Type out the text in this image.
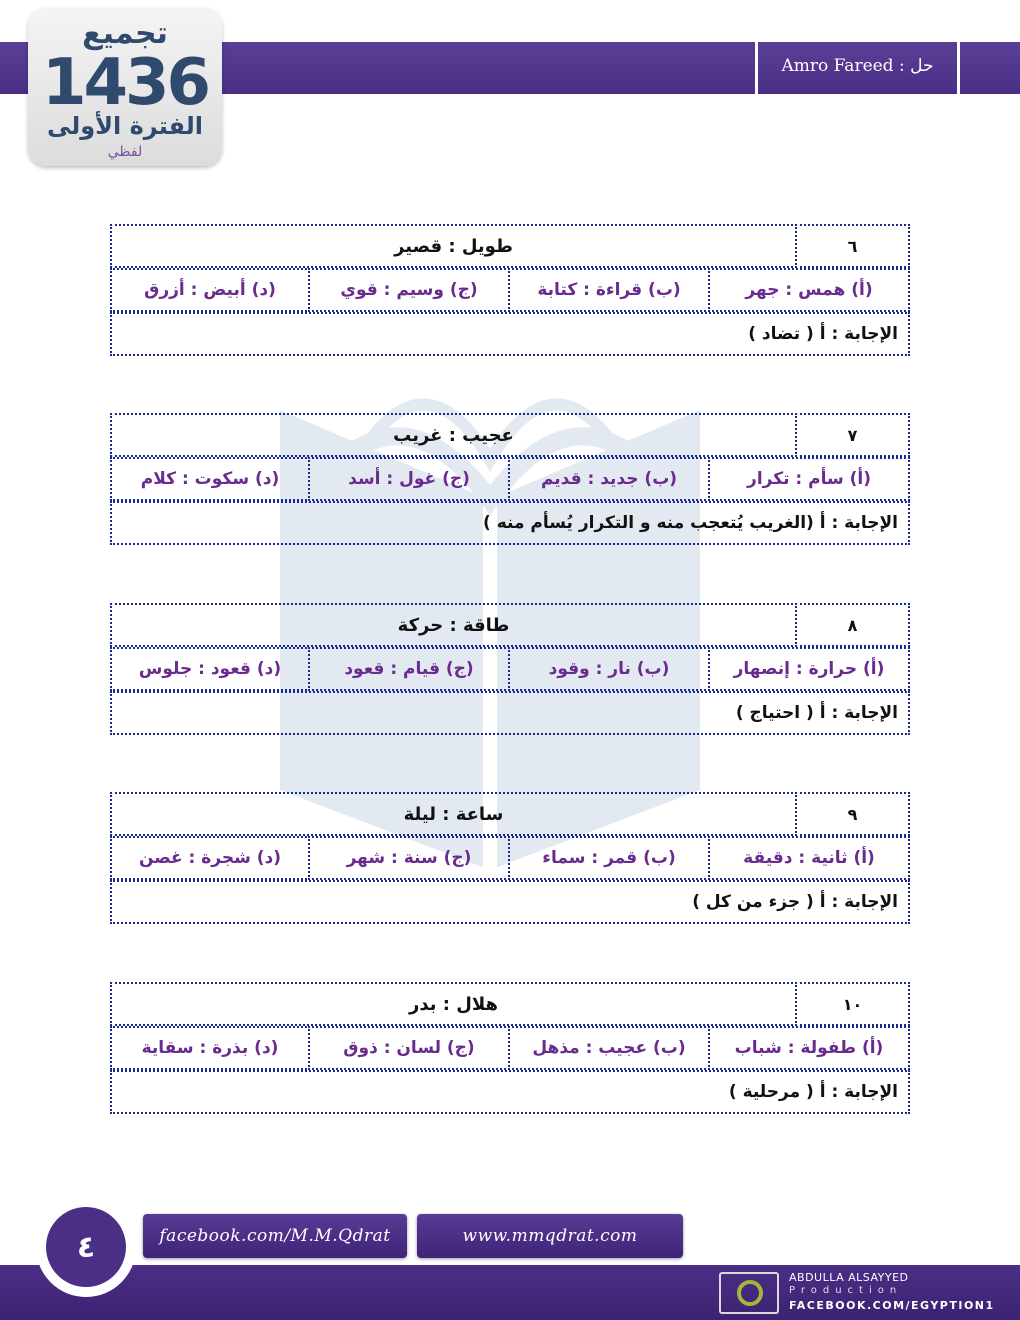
حل : Amro Fareed
تجميع
1436
الفترة الأولى
لفظي
٦
طويل : قصير
(أ) همس : جهر
(ب) قراءة : كتابة
(ج) وسيم : قوي
(د) أبيض : أزرق
الإجابة : أ ( تضاد )
٧
عجيب : غريب
(أ) سأم : تكرار
(ب) جديد : قديم
(ج) غول : أسد
(د) سكوت : كلام
الإجابة : أ (الغريب يُتعجب منه و التكرار يُسأم منه )
٨
طاقة : حركة
(أ) حرارة : إنصهار
(ب) نار : وقود
(ج) قيام : قعود
(د) قعود : جلوس
الإجابة : أ ( احتياج )
٩
ساعة : ليلة
(أ) ثانية : دقيقة
(ب) قمر : سماء
(ج) سنة : شهر
(د) شجرة : غصن
الإجابة : أ ( جزء من كل )
١٠
هلال : بدر
(أ) طفولة : شباب
(ب) عجيب : مذهل
(ج) لسان : ذوق
(د) بذرة : سقاية
الإجابة : أ ( مرحلية )
٤	facebook.com/M.M.Qdrat	www.mmqdrat.com
ABDULLA ALSAYYED
Production
FACEBOOK.COM/EGYPTION1
